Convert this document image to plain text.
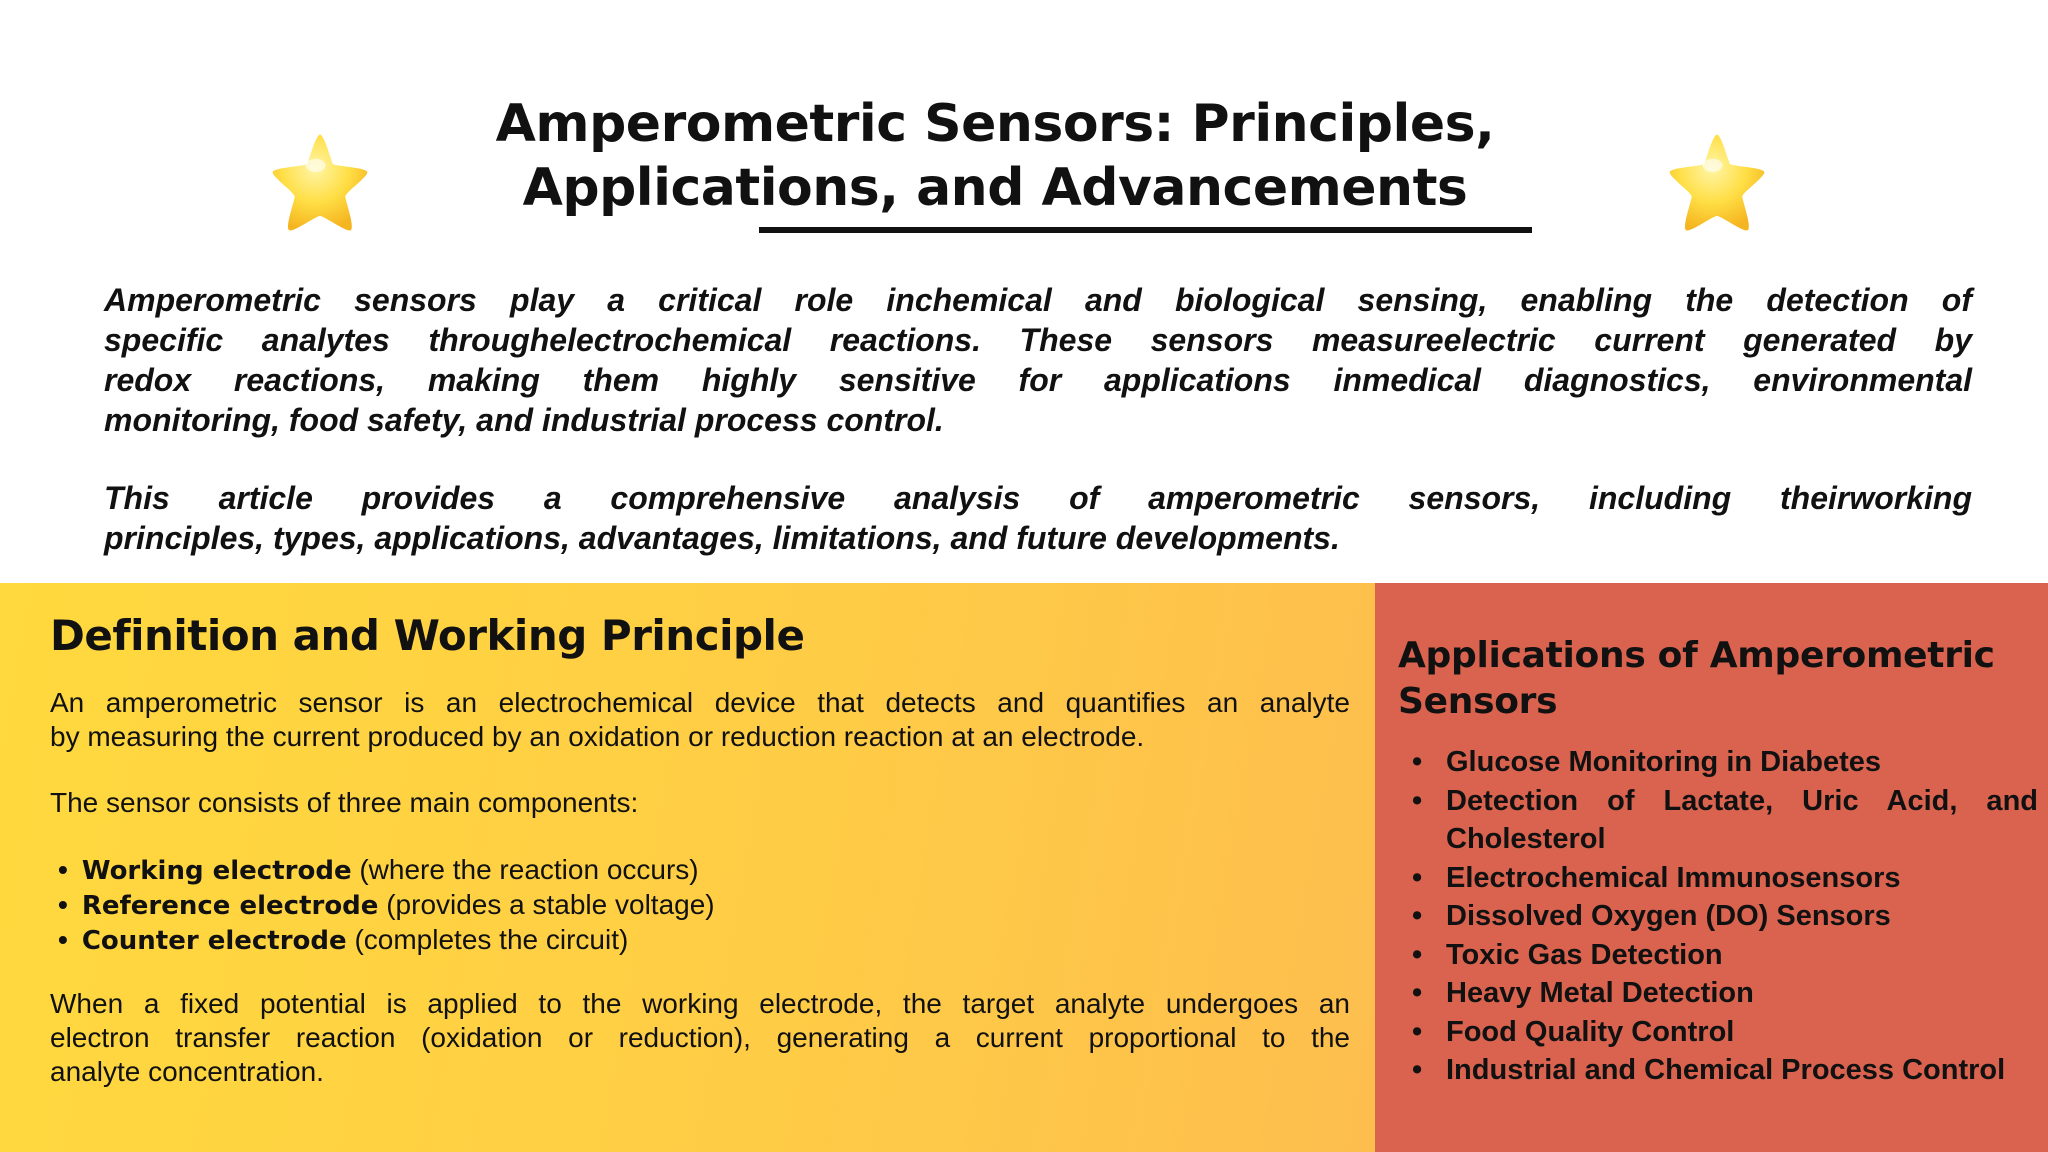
Amperometric Sensors: Principles,
Applications, and Advancements
Amperometric sensors play a critical role inchemical and biological sensing, enabling the detection of
specific analytes throughelectrochemical reactions. These sensors measureelectric current generated by
redox reactions, making them highly sensitive for applications inmedical diagnostics, environmental
monitoring, food safety, and industrial process control.
This article provides a comprehensive analysis of amperometric sensors, including theirworking
principles, types, applications, advantages, limitations, and future developments.
Definition and Working Principle
An amperometric sensor is an electrochemical device that detects and quantifies an analyte
by measuring the current produced by an oxidation or reduction reaction at an electrode.
The sensor consists of three main components:
• Working electrode (where the reaction occurs)
• Reference electrode (provides a stable voltage)
• Counter electrode (completes the circuit)
When a fixed potential is applied to the working electrode, the target analyte undergoes an
electron transfer reaction (oxidation or reduction), generating a current proportional to the
analyte concentration.
Applications of Amperometric Sensors
• Glucose Monitoring in Diabetes
• Detection of Lactate, Uric Acid, and Cholesterol
• Electrochemical Immunosensors
• Dissolved Oxygen (DO) Sensors
• Toxic Gas Detection
• Heavy Metal Detection
• Food Quality Control
• Industrial and Chemical Process Control
